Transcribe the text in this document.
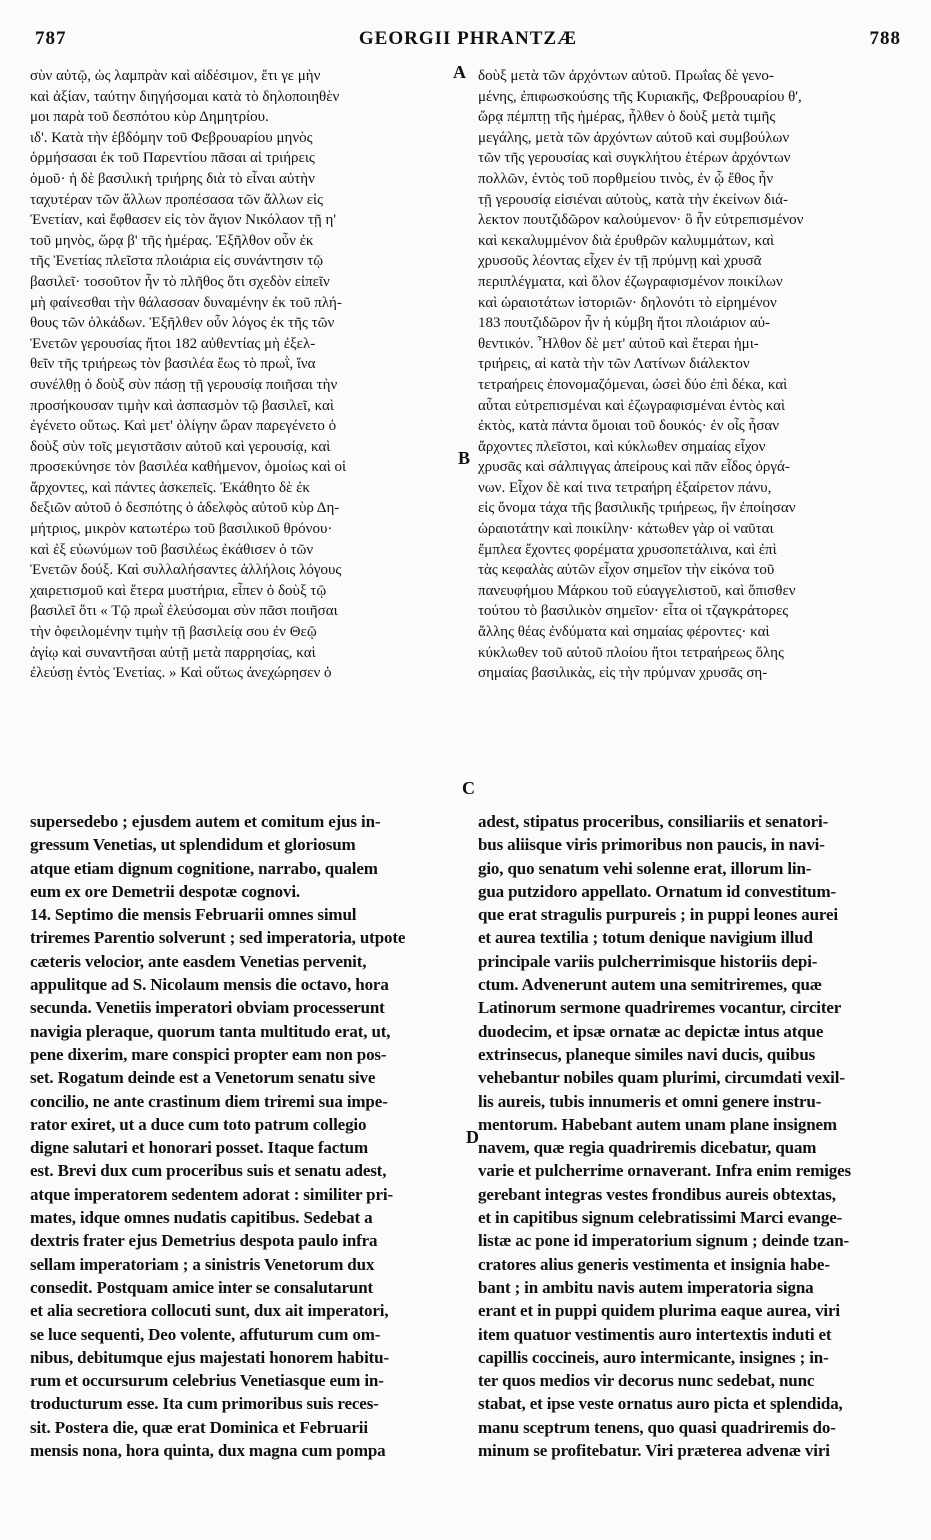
787	GEORGII PHRANTZÆ	788
σὺν αὐτῷ, ὡς λαμπρὰν καὶ αἰδέσιμον, ἔτι γε μὴν
καὶ ἀξίαν, ταύτην διηγήσομαι κατὰ τὸ δηλοποιηθὲν
μοι παρὰ τοῦ δεσπότου κὺρ Δημητρίου.
ιδ'. Κατὰ τὴν ἑβδόμην τοῦ Φεβρουαρίου μηνὸς
ὁρμήσασαι ἐκ τοῦ Παρεντίου πᾶσαι αἱ τριήρεις
ὁμοῦ· ἡ δὲ βασιλικὴ τριήρης διὰ τὸ εἶναι αὐτὴν
ταχυτέραν τῶν ἄλλων προπέσασα τῶν ἄλλων εἰς
Ἐνετίαν, καὶ ἔφθασεν εἰς τὸν ἅγιον Νικόλαον τῇ η'
τοῦ μηνὸς, ὥρᾳ β' τῆς ἡμέρας. Ἐξῆλθον οὖν ἐκ
τῆς Ἐνετίας πλεῖστα πλοιάρια εἰς συνάντησιν τῷ
βασιλεῖ· τοσοῦτον ἦν τὸ πλῆθος ὅτι σχεδὸν εἰπεῖν
μὴ φαίνεσθαι τὴν θάλασσαν δυναμένην ἐκ τοῦ πλή-
θους τῶν ὁλκάδων. Ἐξῆλθεν οὖν λόγος ἐκ τῆς τῶν
Ἐνετῶν γερουσίας ἤτοι 182 αὐθεντίας μὴ ἐξελ-
θεῖν τῆς τριήρεως τὸν βασιλέα ἕως τὸ πρωῒ, ἵνα
συνέλθῃ ὁ δοὺξ σὺν πάσῃ τῇ γερουσίᾳ ποιῆσαι τὴν
προσήκουσαν τιμὴν καὶ ἀσπασμὸν τῷ βασιλεῖ, καὶ
ἐγένετο οὕτως. Καὶ μετ' ὀλίγην ὥραν παρεγένετο ὁ
δοὺξ σὺν τοῖς μεγιστᾶσιν αὐτοῦ καὶ γερουσίᾳ, καὶ
προσεκύνησε τὸν βασιλέα καθήμενον, ὁμοίως καὶ οἱ
ἄρχοντες, καὶ πάντες ἀσκεπεῖς. Ἐκάθητο δὲ ἐκ
δεξιῶν αὐτοῦ ὁ δεσπότης ὁ ἀδελφὸς αὐτοῦ κὺρ Δη-
μήτριος, μικρὸν κατωτέρω τοῦ βασιλικοῦ θρόνου·
καὶ ἐξ εὐωνύμων τοῦ βασιλέως ἐκάθισεν ὁ τῶν
Ἐνετῶν δούξ. Καὶ συλλαλήσαντες ἀλλήλοις λόγους
χαιρετισμοῦ καὶ ἕτερα μυστήρια, εἶπεν ὁ δοὺξ τῷ
βασιλεῖ ὅτι « Τῷ πρωῒ ἐλεύσομαι σὺν πᾶσι ποιῆσαι
τὴν ὀφειλομένην τιμὴν τῇ βασιλείᾳ σου ἐν Θεῷ
ἁγίῳ καὶ συναντῆσαι αὐτῇ μετὰ παρρησίας, καὶ
ἐλεύσῃ ἐντὸς Ἐνετίας. » Καὶ οὕτως ἀνεχώρησεν ὁ
δοὺξ μετὰ τῶν ἀρχόντων αὐτοῦ. Πρωΐας δὲ γενο-
μένης, ἐπιφωσκούσης τῆς Κυριακῆς, Φεβρουαρίου θ',
ὥρᾳ πέμπτῃ τῆς ἡμέρας, ἦλθεν ὁ δοὺξ μετὰ τιμῆς
μεγάλης, μετὰ τῶν ἀρχόντων αὐτοῦ καὶ συμβούλων
τῶν τῆς γερουσίας καὶ συγκλήτου ἑτέρων ἀρχόντων
πολλῶν, ἐντὸς τοῦ πορθμείου τινὸς, ἐν ᾧ ἔθος ἦν
τῇ γερουσίᾳ εἰσιέναι αὐτοὺς, κατὰ τὴν ἐκείνων διά-
λεκτον πουτζιδῶρον καλούμενον· ὃ ἦν εὐτρεπισμένον
καὶ κεκαλυμμένον διὰ ἐρυθρῶν καλυμμάτων, καὶ
χρυσοῦς λέοντας εἶχεν ἐν τῇ πρύμνῃ καὶ χρυσᾶ
περιπλέγματα, καὶ ὅλον ἐζωγραφισμένον ποικίλων
καὶ ὡραιοτάτων ἱστοριῶν· δηλονότι τὸ εἰρημένον
183 πουτζιδῶρον ἦν ἡ κύμβη ἤτοι πλοιάριον αὐ-
θεντικόν. Ἦλθον δὲ μετ' αὐτοῦ καὶ ἕτεραι ἡμι-
τριήρεις, αἱ κατὰ τὴν τῶν Λατίνων διάλεκτον
τετραήρεις ἐπονομαζόμεναι, ὡσεὶ δύο ἐπὶ δέκα, καὶ
αὗται εὐτρεπισμέναι καὶ ἐζωγραφισμέναι ἐντὸς καὶ
ἐκτὸς, κατὰ πάντα ὅμοιαι τοῦ δουκός· ἐν οἷς ἦσαν
ἄρχοντες πλεῖστοι, καὶ κύκλωθεν σημαίας εἶχον
χρυσᾶς καὶ σάλπιγγας ἀπείρους καὶ πᾶν εἶδος ὀργά-
νων. Εἶχον δὲ καί τινα τετραήρη ἐξαίρετον πάνυ,
εἰς ὄνομα τάχα τῆς βασιλικῆς τριήρεως, ἣν ἐποίησαν
ὡραιοτάτην καὶ ποικίλην· κάτωθεν γὰρ οἱ ναῦται
ἔμπλεα ἔχοντες φορέματα χρυσοπετάλινα, καὶ ἐπὶ
τὰς κεφαλὰς αὐτῶν εἶχον σημεῖον τὴν εἰκόνα τοῦ
πανευφήμου Μάρκου τοῦ εὐαγγελιστοῦ, καὶ ὄπισθεν
τούτου τὸ βασιλικὸν σημεῖον· εἶτα οἱ τζαγκράτορες
ἄλλης θέας ἐνδύματα καὶ σημαίας φέροντες· καὶ
κύκλωθεν τοῦ αὐτοῦ πλοίου ἤτοι τετραήρεως ὅλης
σημαίας βασιλικὰς, εἰς τὴν πρύμναν χρυσᾶς ση-
A
B
C
D
supersedebo ; ejusdem autem et comitum ejus in-
gressum Venetias, ut splendidum et gloriosum
atque etiam dignum cognitione, narrabo, qualem
eum ex ore Demetrii despotæ cognovi.
14. Septimo die mensis Februarii omnes simul
triremes Parentio solverunt ; sed imperatoria, utpote
cæteris velocior, ante easdem Venetias pervenit,
appulitque ad S. Nicolaum mensis die octavo, hora
secunda. Venetiis imperatori obviam processerunt
navigia pleraque, quorum tanta multitudo erat, ut,
pene dixerim, mare conspici propter eam non pos-
set. Rogatum deinde est a Venetorum senatu sive
concilio, ne ante crastinum diem triremi sua impe-
rator exiret, ut a duce cum toto patrum collegio
digne salutari et honorari posset. Itaque factum
est. Brevi dux cum proceribus suis et senatu adest,
atque imperatorem sedentem adorat : similiter pri-
mates, idque omnes nudatis capitibus. Sedebat a
dextris frater ejus Demetrius despota paulo infra
sellam imperatoriam ; a sinistris Venetorum dux
consedit. Postquam amice inter se consalutarunt
et alia secretiora collocuti sunt, dux ait imperatori,
se luce sequenti, Deo volente, affuturum cum om-
nibus, debitumque ejus majestati honorem habitu-
rum et occursurum celebrius Venetiasque eum in-
troducturum esse. Ita cum primoribus suis reces-
sit. Postera die, quæ erat Dominica et Februarii
mensis nona, hora quinta, dux magna cum pompa
adest, stipatus proceribus, consiliariis et senatori-
bus aliisque viris primoribus non paucis, in navi-
gio, quo senatum vehi solenne erat, illorum lin-
gua putzidoro appellato. Ornatum id convestitum-
que erat stragulis purpureis ; in puppi leones aurei
et aurea textilia ; totum denique navigium illud
principale variis pulcherrimisque historiis depi-
ctum. Advenerunt autem una semitriremes, quæ
Latinorum sermone quadriremes vocantur, circiter
duodecim, et ipsæ ornatæ ac depictæ intus atque
extrinsecus, planeque similes navi ducis, quibus
vehebantur nobiles quam plurimi, circumdati vexil-
lis aureis, tubis innumeris et omni genere instru-
mentorum. Habebant autem unam plane insignem
navem, quæ regia quadriremis dicebatur, quam
varie et pulcherrime ornaverant. Infra enim remiges
gerebant integras vestes frondibus aureis obtextas,
et in capitibus signum celebratissimi Marci evange-
listæ ac pone id imperatorium signum ; deinde tzan-
cratores alius generis vestimenta et insignia habe-
bant ; in ambitu navis autem imperatoria signa
erant et in puppi quidem plurima eaque aurea, viri
item quatuor vestimentis auro intertextis induti et
capillis coccineis, auro intermicante, insignes ; in-
ter quos medios vir decorus nunc sedebat, nunc
stabat, et ipse veste ornatus auro picta et splendida,
manu sceptrum tenens, quo quasi quadriremis do-
minum se profitebatur. Viri præterea advenæ viri
